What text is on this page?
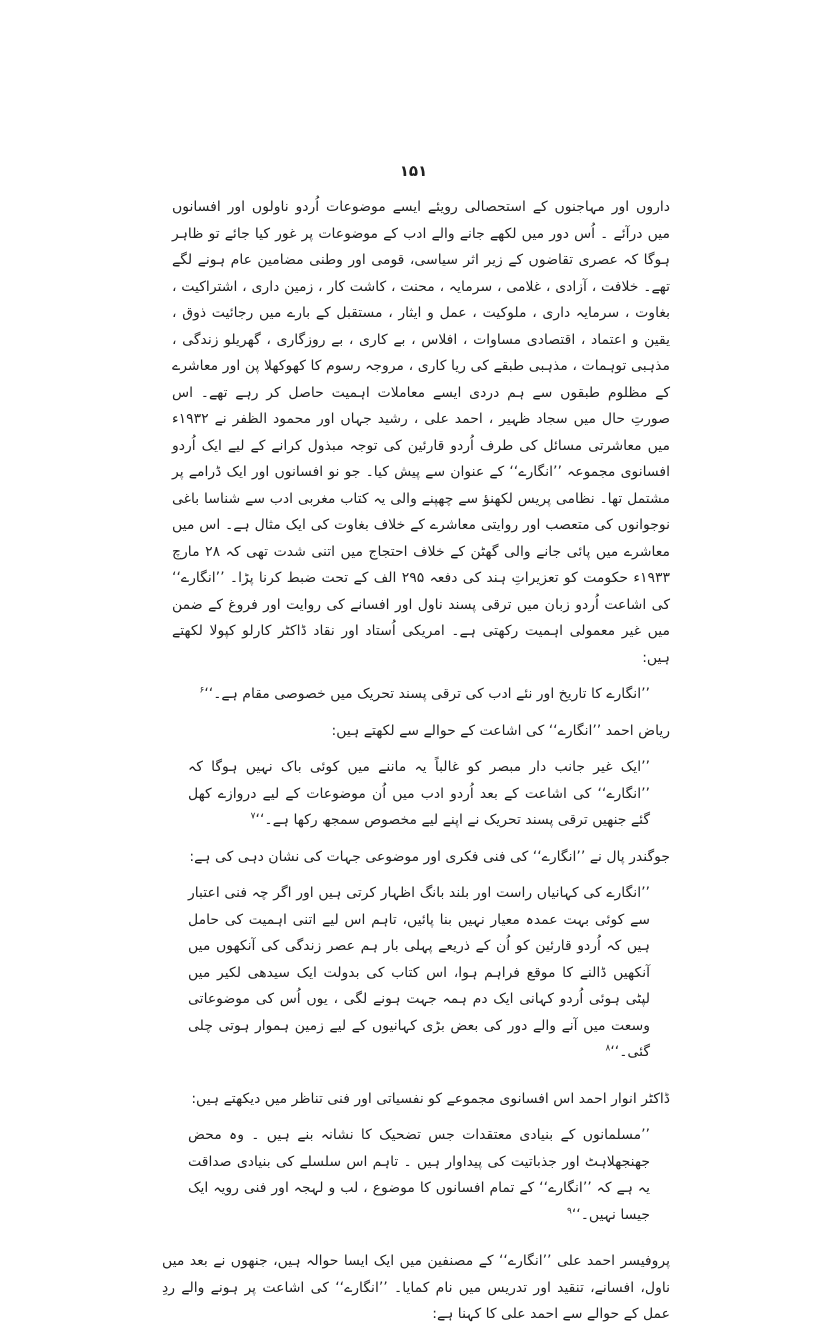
۱۵۱

داروں اور مہاجنوں کے استحصالی رویئے ایسے موضوعات اُردو ناولوں اور افسانوں میں درآئے ۔ اُس دور میں لکھے جانے والے ادب کے موضوعات پر غور کیا جائے تو ظاہر ہوگا کہ عصری تقاضوں کے زیر اثر سیاسی، قومی اور وطنی مضامین عام ہونے لگے تھے۔ خلافت ، آزادی ، غلامی ، سرمایہ ، محنت ، کاشت کار ، زمین داری ، اشتراکیت ، بغاوت ، سرمایہ داری ، ملوکیت ، عمل و ایثار ، مستقبل کے بارے میں رجائیت ذوق ، یقین و اعتماد ، اقتصادی مساوات ، افلاس ، بے کاری ، بے روزگاری ، گھریلو زندگی ، مذہبی توہمات ، مذہبی طبقے کی ریا کاری ، مروجہ رسوم کا کھوکھلا پن اور معاشرے کے مظلوم طبقوں سے ہم دردی ایسے معاملات اہمیت حاصل کر رہے تھے۔ اس صورتِ حال میں سجاد ظہیر ، احمد علی ، رشید جہاں اور محمود الظفر نے ۱۹۳۲ء میں معاشرتی مسائل کی طرف اُردو قارئین کی توجہ مبذول کرانے کے لیے ایک اُردو افسانوی مجموعہ ’’انگارے‘‘ کے عنوان سے پیش کیا۔ جو نو افسانوں اور ایک ڈرامے پر مشتمل تھا۔ نظامی پریس لکھنؤ سے چھپنے والی یہ کتاب مغربی ادب سے شناسا باغی نوجوانوں کی متعصب اور روایتی معاشرے کے خلاف بغاوت کی ایک مثال ہے۔ اس میں معاشرے میں پائی جانے والی گھٹن کے خلاف احتجاج میں اتنی شدت تھی کہ ۲۸ مارچ ۱۹۳۳ء حکومت کو تعزیراتِ ہند کی دفعہ ۲۹۵ الف کے تحت ضبط کرنا پڑا۔ ’’انگارے‘‘ کی اشاعت اُردو زبان میں ترقی پسند ناول اور افسانے کی روایت اور فروغ کے ضمن میں غیر معمولی اہمیت رکھتی ہے۔ امریکی اُستاد اور نقاد ڈاکٹر کارلو کپولا لکھتے ہیں:

’’انگارے کا تاریخ اور نئے ادب کی ترقی پسند تحریک میں خصوصی مقام ہے۔‘‘$^۶$

ریاض احمد ’’انگارے‘‘ کی اشاعت کے حوالے سے لکھتے ہیں:

’’ایک غیر جانب دار مبصر کو غالباً یہ ماننے میں کوئی باک نہیں ہوگا کہ ’’انگارے‘‘ کی اشاعت کے بعد اُردو ادب میں اُن موضوعات کے لیے دروازے کھل گئے جنھیں ترقی پسند تحریک نے اپنے لیے مخصوص سمجھ رکھا ہے۔‘‘$^۷$

جوگندر پال نے ’’انگارے‘‘ کی فنی فکری اور موضوعی جہات کی نشان دہی کی ہے:

’’انگارے کی کہانیاں راست اور بلند بانگ اظہار کرتی ہیں اور اگر چہ فنی اعتبار سے کوئی بہت عمدہ معیار نہیں بنا پائیں، تاہم اس لیے اتنی اہمیت کی حامل ہیں کہ اُردو قارئین کو اُن کے ذریعے پہلی بار ہم عصر زندگی کی آنکھوں میں آنکھیں ڈالنے کا موقع فراہم ہوا، اس کتاب کی بدولت ایک سیدھی لکیر میں لپٹی ہوئی اُردو کہانی ایک دم ہمہ جہت ہونے لگی ، یوں اُس کی موضوعاتی وسعت میں آنے والے دور کی بعض بڑی کہانیوں کے لیے زمین ہموار ہوتی چلی گئی۔‘‘$^۸$

ڈاکٹر انوار احمد اس افسانوی مجموعے کو نفسیاتی اور فنی تناظر میں دیکھتے ہیں:

’’مسلمانوں کے بنیادی معتقدات جس تضحیک کا نشانہ بنے ہیں ۔ وہ محض جھنجھلاہٹ اور جذباتیت کی پیداوار ہیں ۔ تاہم اس سلسلے کی بنیادی صداقت یہ ہے کہ ’’انگارے‘‘ کے تمام افسانوں کا موضوع ، لب و لہجہ اور فنی رویہ ایک جیسا نہیں۔‘‘$^۹$

پروفیسر احمد علی ’’انگارے‘‘ کے مصنفین میں ایک ایسا حوالہ ہیں، جنھوں نے بعد میں ناول، افسانے، تنقید اور تدریس میں نام کمایا۔ ’’انگارے‘‘ کی اشاعت پر ہونے والے ردِ عمل کے حوالے سے احمد علی کا کہنا ہے:
